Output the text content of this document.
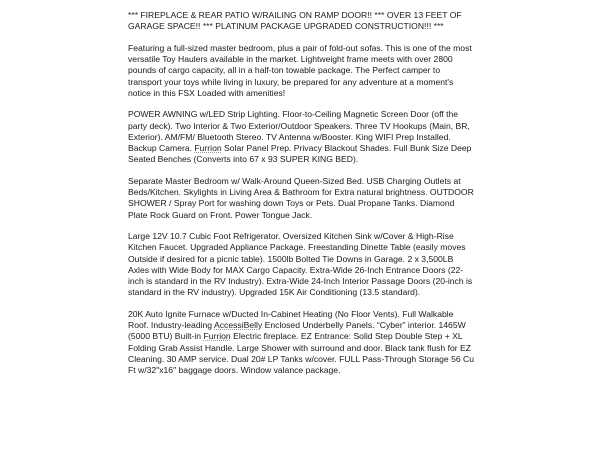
*** FIREPLACE & REAR PATIO W/RAILING ON RAMP DOOR!! *** OVER 13 FEET OF GARAGE SPACE!! *** PLATINUM PACKAGE UPGRADED CONSTRUCTION!!! ***

Featuring a full-sized master bedroom, plus a pair of fold-out sofas. This is one of the most versatile Toy Haulers available in the market. Lightweight frame meets with over 2800 pounds of cargo capacity, all in a half-ton towable package. The Perfect camper to transport your toys while living in luxury, be prepared for any adventure at a moment's notice in this FSX Loaded with amenities!

POWER AWNING w/LED Strip Lighting. Floor-to-Ceiling Magnetic Screen Door (off the party deck). Two Interior & Two Exterior/Outdoor Speakers. Three TV Hookups (Main, BR, Exterior). AM/FM/ Bluetooth Stereo. TV Antenna w/Booster. King WIFI Prep Installed. Backup Camera. Furrion Solar Panel Prep. Privacy Blackout Shades. Full Bunk Size Deep Seated Benches (Converts into 67 x 93 SUPER KING BED).

Separate Master Bedroom w/ Walk-Around Queen-Sized Bed. USB Charging Outlets at Beds/Kitchen. Skylights in Living Area & Bathroom for Extra natural brightness. OUTDOOR SHOWER / Spray Port for washing down Toys or Pets. Dual Propane Tanks. Diamond Plate Rock Guard on Front. Power Tongue Jack.

Large 12V 10.7 Cubic Foot Refrigerator. Oversized Kitchen Sink w/Cover & High-Rise Kitchen Faucet. Upgraded Appliance Package. Freestanding Dinette Table (easily moves Outside if desired for a picnic table). 1500lb Bolted Tie Downs in Garage. 2 x 3,500LB Axles with Wide Body for MAX Cargo Capacity. Extra-Wide 26-Inch Entrance Doors (22-inch is standard in the RV Industry). Extra-Wide 24-Inch Interior Passage Doors (20-inch is standard in the RV industry). Upgraded 15K Air Conditioning (13.5 standard).

20K Auto Ignite Furnace w/Ducted In-Cabinet Heating (No Floor Vents). Full Walkable Roof. Industry-leading AccessiBelly Enclosed Underbelly Panels. “Cyber” interior. 1465W (5000 BTU) Built-in Furrion Electric fireplace. EZ Entrance: Solid Step Double Step + XL Folding Grab Assist Handle. Large Shower with surround and door. Black tank flush for EZ Cleaning. 30 AMP service. Dual 20# LP Tanks w/cover. FULL Pass-Through Storage 56 Cu Ft w/32″x16″ baggage doors. Window valance package.
